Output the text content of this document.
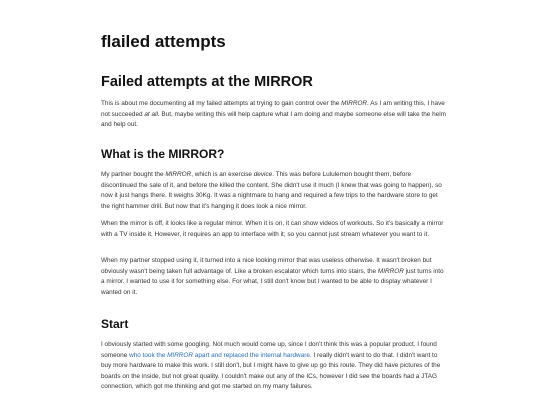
flailed attempts
Failed attempts at the MIRROR

This is about me documenting all my failed attempts at trying to gain control over the MIRROR. As I am writing this, I have not succeeded at all. But, maybe writing this will help capture what I am doing and maybe someone else will take the helm and help out.

What is the MIRROR?

My partner bought the MIRROR, which is an exercise device. This was before Lululemon bought them, before discontinued the sale of it, and before the killed the content. She didn't use it much (I knew that was going to happen), so now it just hangs there. It weighs 30Kg. It was a nightmare to hang and required a few trips to the hardware store to get the right hammer drill. But now that it's hanging it does look a nice mirror.

When the mirror is off, it looks like a regular mirror. When it is on, it can show videos of workouts. So it's basically a mirror with a TV inside it. However, it requires an app to interface with it; so you cannot just stream whatever you want to it.

When my partner stopped using it, it turned into a nice looking mirror that was useless otherwise. It wasn't broken but obviously wasn't being taken full advantage of. Like a broken escalator which turns into stairs, the MIRROR just turns into a mirror. I wanted to use it for something else. For what, I still don't know but I wanted to be able to display whatever I wanted on it.

Start

I obviously started with some googling. Not much would come up, since I don't think this was a popular product. I found someone who took the MIRROR apart and replaced the internal hardware. I really didn't want to do that. I didn't want to buy more hardware to make this work. I still don't, but I might have to give up go this route. They did have pictures of the boards on the inside, but not great quality. I couldn't make out any of the ICs, however I did see the boards had a JTAG connection, which got me thinking and got me started on my many failures.
